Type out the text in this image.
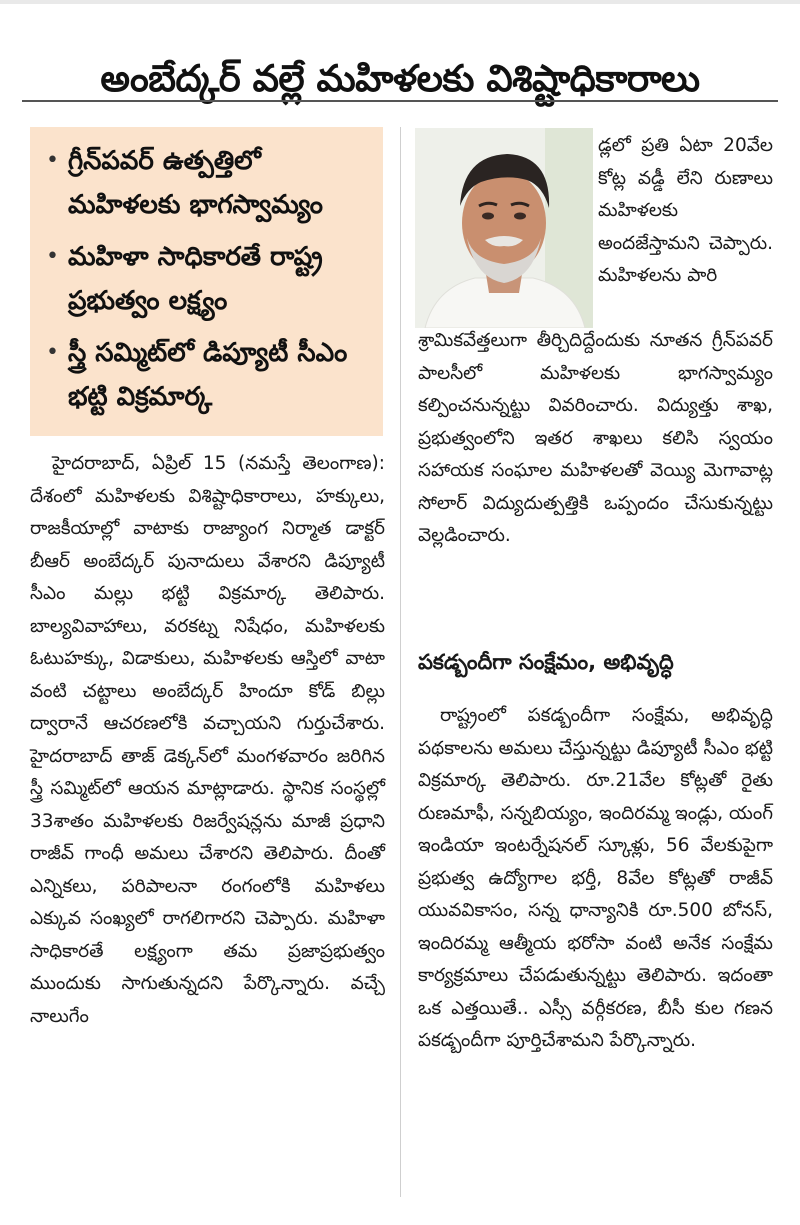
అంబేద్కర్ వల్లే మహిళలకు విశిష్టాధికారాలు
• గ్రీన్‌పవర్ ఉత్పత్తిలో మహిళలకు భాగస్వామ్యం
• మహిళా సాధికారతే రాష్ట్ర ప్రభుత్వం లక్ష్యం
• స్త్రీ సమ్మిట్‌లో డిప్యూటీ సీఎం భట్టి విక్రమార్క

హైదరాబాద్, ఏప్రిల్ 15 (నమస్తే తెలంగాణ): దేశంలో మహిళలకు విశిష్టాధికారాలు, హక్కులు, రాజకీయాల్లో వాటాకు రాజ్యాంగ నిర్మాత డాక్టర్ బీఆర్ అంబేద్కర్ పునాదులు వేశారని డిప్యూటీ సీఎం మల్లు భట్టి విక్రమార్క తెలిపారు. బాల్యవివాహాలు, వరకట్న నిషేధం, మహిళలకు ఓటుహక్కు, విడాకులు, మహిళలకు ఆస్తిలో వాటా వంటి చట్టాలు అంబేద్కర్ హిందూ కోడ్ బిల్లు ద్వారానే ఆచరణలోకి వచ్చాయని గుర్తుచేశారు. హైదరాబాద్ తాజ్ డెక్కన్‌లో మంగళవారం జరిగిన స్త్రీ సమ్మిట్‌లో ఆయన మాట్లాడారు. స్థానిక సంస్థల్లో 33శాతం మహిళలకు రిజర్వేషన్లను మాజీ ప్రధాని రాజీవ్ గాంధీ అమలు చేశారని తెలిపారు. దీంతో ఎన్నికలు, పరిపాలనా రంగంలోకి మహిళలు ఎక్కువ సంఖ్యలో రాగలిగారని చెప్పారు. మహిళా సాధికారతే లక్ష్యంగా తమ ప్రజాప్రభుత్వం ముందుకు సాగుతున్నదని పేర్కొన్నారు. వచ్చే నాలుగేం

డ్లలో ప్రతి ఏటా 20వేల కోట్ల వడ్డీ లేని రుణాలు మహిళలకు అందజేస్తామని చెప్పారు. మహిళలను పారి

శ్రామికవేత్తలుగా తీర్చిదిద్దేందుకు నూతన గ్రీన్‌పవర్ పాలసీలో మహిళలకు భాగస్వామ్యం కల్పించనున్నట్టు వివరించారు. విద్యుత్తు శాఖ, ప్రభుత్వంలోని ఇతర శాఖలు కలిసి స్వయం సహాయక సంఘాల మహిళలతో వెయ్యి మెగావాట్ల సోలార్ విద్యుదుత్పత్తికి ఒప్పందం చేసుకున్నట్టు వెల్లడించారు.

పకడ్బందీగా సంక్షేమం, అభివృద్ధి

రాష్ట్రంలో పకడ్బందీగా సంక్షేమ, అభివృద్ధి పథకాలను అమలు చేస్తున్నట్టు డిప్యూటీ సీఎం భట్టి విక్రమార్క తెలిపారు. రూ.21వేల కోట్లతో రైతు రుణమాఫీ, సన్నబియ్యం, ఇందిరమ్మ ఇండ్లు, యంగ్ ఇండియా ఇంటర్నేషనల్ స్కూళ్లు, 56 వేలకుపైగా ప్రభుత్వ ఉద్యోగాల భర్తీ, 8వేల కోట్లతో రాజీవ్ యువవికాసం, సన్న ధాన్యానికి రూ.500 బోనస్, ఇందిరమ్మ ఆత్మీయ భరోసా వంటి అనేక సంక్షేమ కార్యక్రమాలు చేపడుతున్నట్టు తెలిపారు. ఇదంతా ఒక ఎత్తయితే.. ఎస్సీ వర్గీకరణ, బీసీ కుల గణన పకడ్బందీగా పూర్తిచేశామని పేర్కొన్నారు.
